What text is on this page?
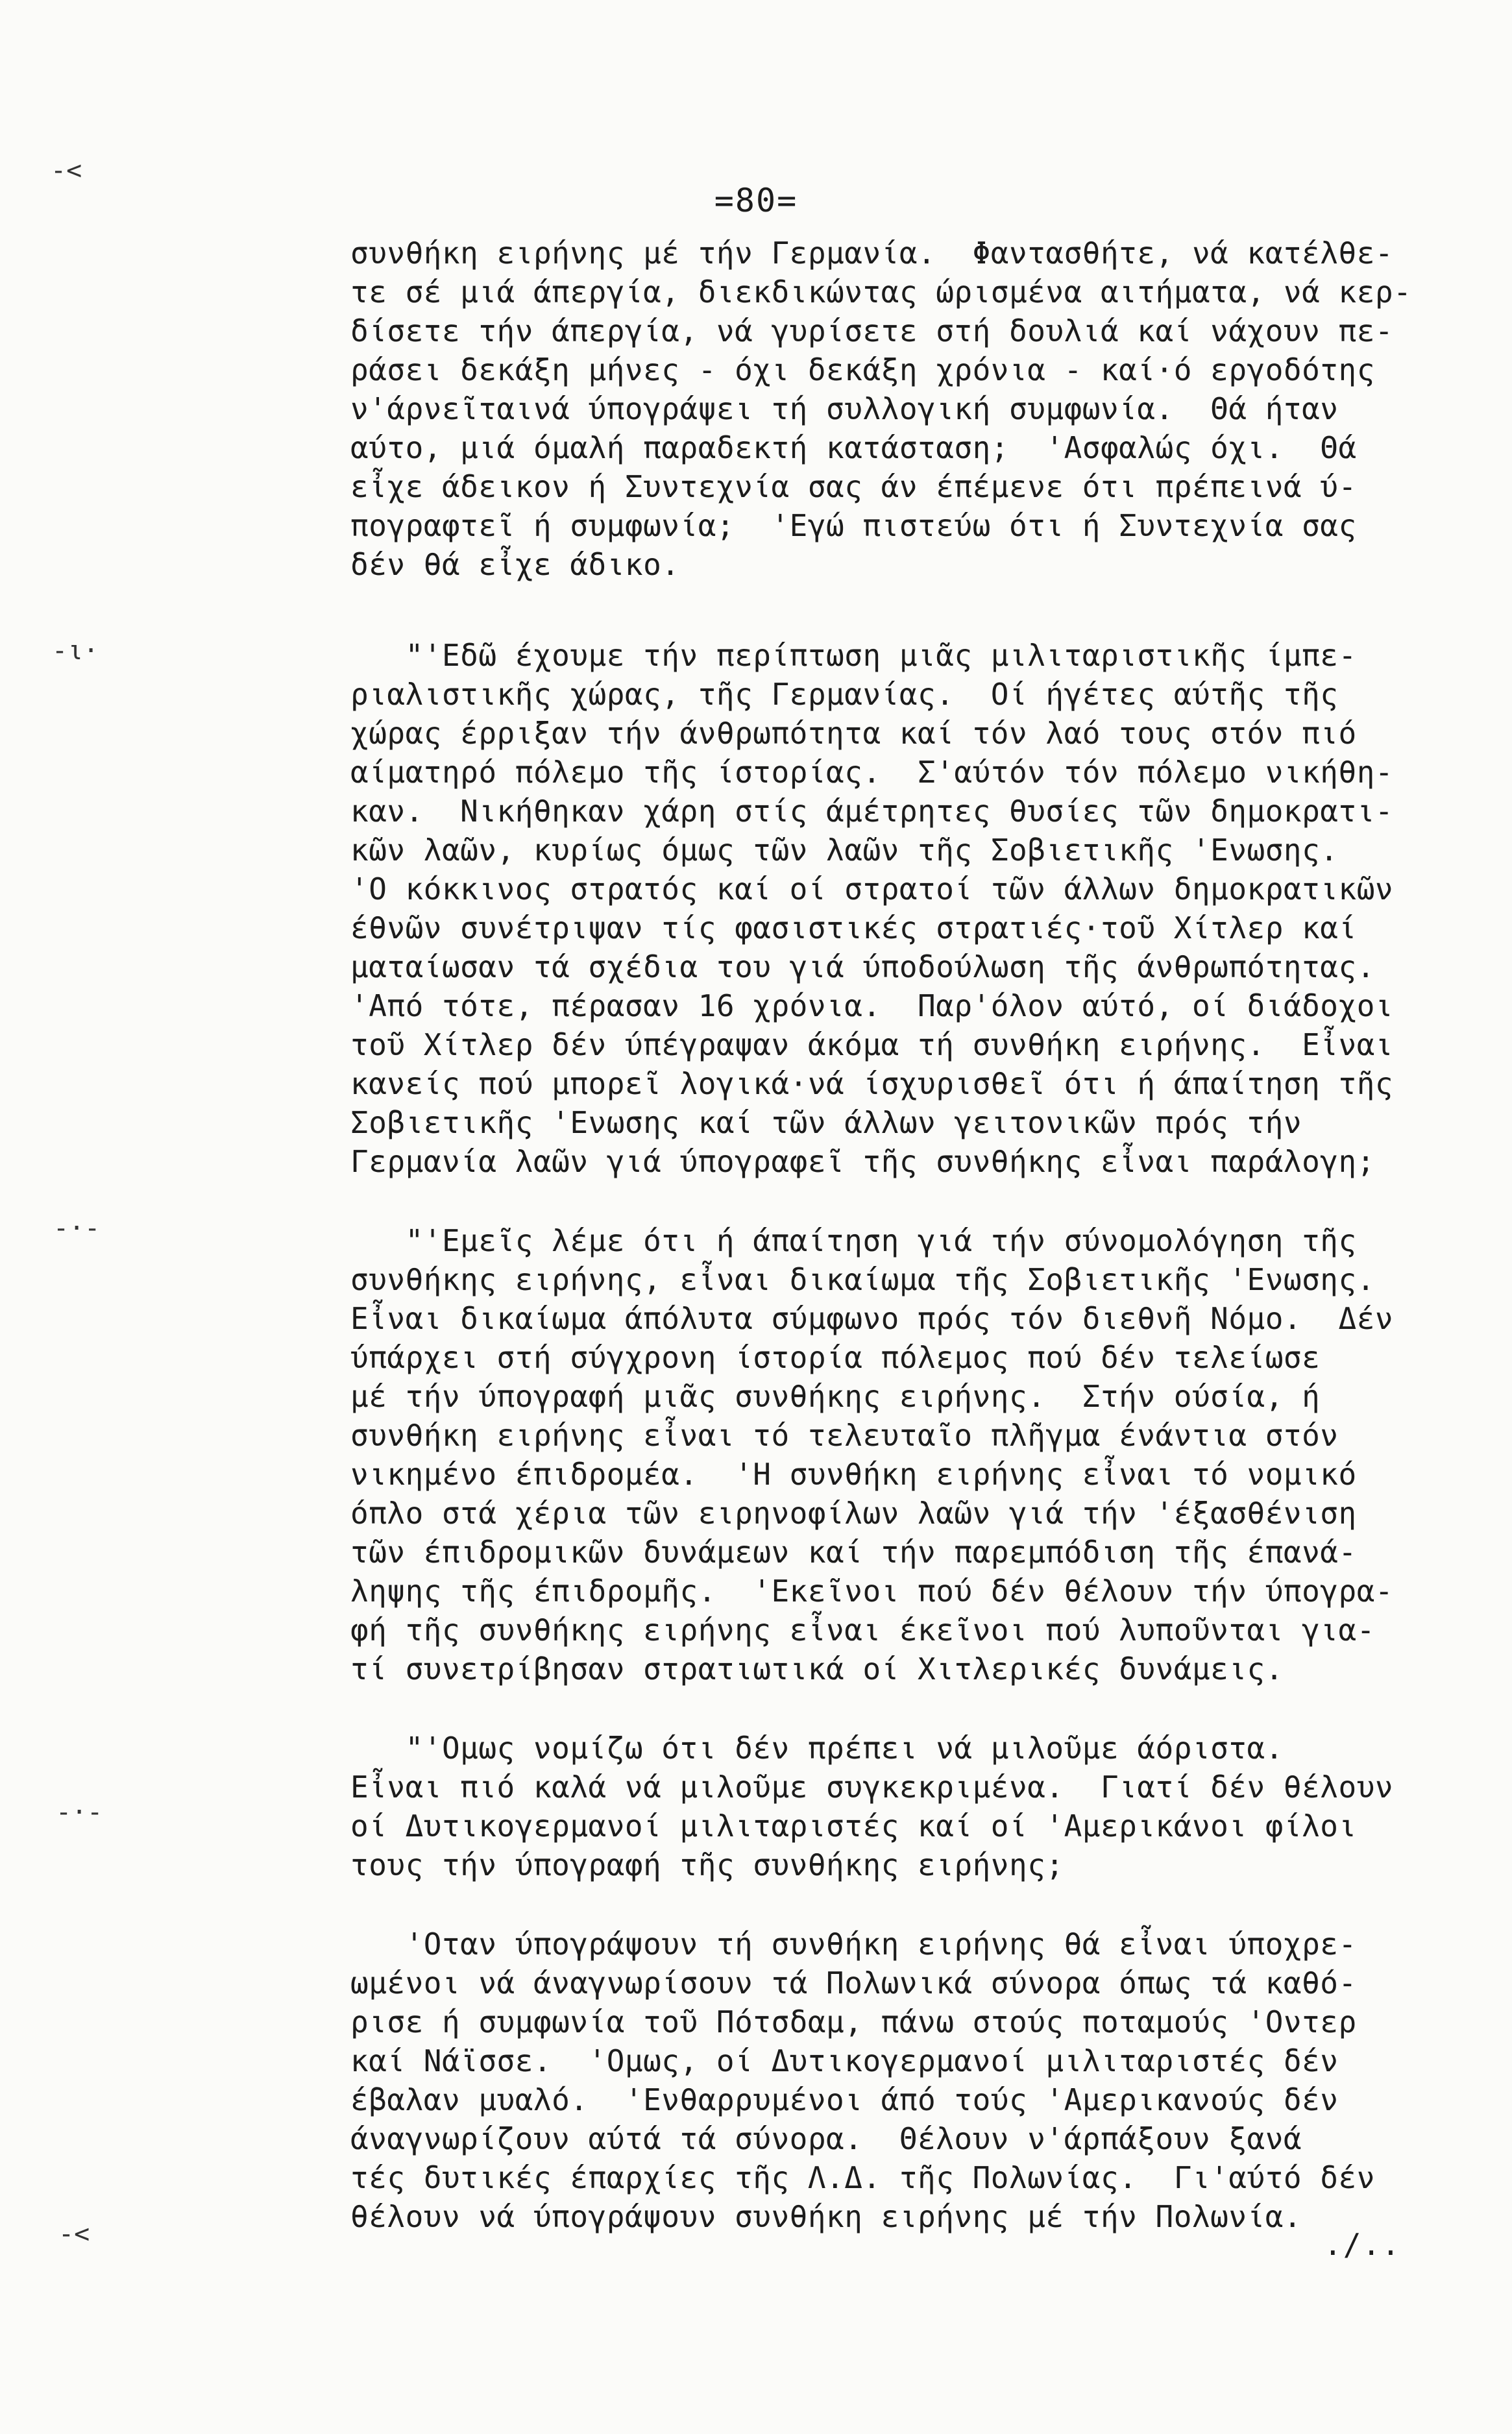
=80=
-<
-ι·
-·-
-·-
-<
συνθήκη ειρήνης μέ τήν Γερμανία.  Φαντασθήτε, νά κατέλθε-
τε σέ μιά άπεργία, διεκδικώντας ώρισμένα αιτήματα, νά κερ-
δίσετε τήν άπεργία, νά γυρίσετε στή δουλιά καί νάχουν πε-
ράσει δεκάξη μήνες - όχι δεκάξη χρόνια - καί·ό εργοδότης
ν'άρνεῖταινά ύπογράψει τή συλλογική συμφωνία.  Θά ήταν
αύτο, μιά όμαλή παραδεκτή κατάσταση;  'Ασφαλώς όχι.  Θά
εἶχε άδεικον ή Συντεχνία σας άν έπέμενε ότι πρέπεινά ύ-
πογραφτεῖ ή συμφωνία;  'Εγώ πιστεύω ότι ή Συντεχνία σας
δέν θά εἶχε άδικο.
"'Εδῶ έχουμε τήν περίπτωση μιᾶς μιλιταριστικῆς ίμπε-
ριαλιστικῆς χώρας, τῆς Γερμανίας.  Οί ήγέτες αύτῆς τῆς
χώρας έρριξαν τήν άνθρωπότητα καί τόν λαό τους στόν πιό
αίματηρό πόλεμο τῆς ίστορίας.  Σ'αύτόν τόν πόλεμο νικήθη-
καν.  Νικήθηκαν χάρη στίς άμέτρητες θυσίες τῶν δημοκρατι-
κῶν λαῶν, κυρίως όμως τῶν λαῶν τῆς Σοβιετικῆς 'Ενωσης.
'Ο κόκκινος στρατός καί οί στρατοί τῶν άλλων δημοκρατικῶν
έθνῶν συνέτριψαν τίς φασιστικές στρατιές·τοῦ Χίτλερ καί
ματαίωσαν τά σχέδια του γιά ύποδούλωση τῆς άνθρωπότητας.
'Από τότε, πέρασαν 16 χρόνια.  Παρ'όλον αύτό, οί διάδοχοι
τοῦ Χίτλερ δέν ύπέγραψαν άκόμα τή συνθήκη ειρήνης.  Εἶναι
κανείς πού μπορεῖ λογικά·νά ίσχυρισθεῖ ότι ή άπαίτηση τῆς
Σοβιετικῆς 'Ενωσης καί τῶν άλλων γειτονικῶν πρός τήν
Γερμανία λαῶν γιά ύπογραφεῖ τῆς συνθήκης εἶναι παράλογη;
"'Εμεῖς λέμε ότι ή άπαίτηση γιά τήν σύνομολόγηση τῆς
συνθήκης ειρήνης, εἶναι δικαίωμα τῆς Σοβιετικῆς 'Ενωσης.
Εἶναι δικαίωμα άπόλυτα σύμφωνο πρός τόν διεθνῆ Νόμο.  Δέν
ύπάρχει στή σύγχρονη ίστορία πόλεμος πού δέν τελείωσε
μέ τήν ύπογραφή μιᾶς συνθήκης ειρήνης.  Στήν ούσία, ή
συνθήκη ειρήνης εἶναι τό τελευταῖο πλῆγμα ένάντια στόν
νικημένο έπιδρομέα.  'Η συνθήκη ειρήνης εἶναι τό νομικό
όπλο στά χέρια τῶν ειρηνοφίλων λαῶν γιά τήν 'έξασθένιση
τῶν έπιδρομικῶν δυνάμεων καί τήν παρεμπόδιση τῆς έπανά-
ληψης τῆς έπιδρομῆς.  'Εκεῖνοι πού δέν θέλουν τήν ύπογρα-
φή τῆς συνθήκης ειρήνης εἶναι έκεῖνοι πού λυποῦνται για-
τί συνετρίβησαν στρατιωτικά οί Χιτλερικές δυνάμεις.
"'Ομως νομίζω ότι δέν πρέπει νά μιλοῦμε άόριστα.
Εἶναι πιό καλά νά μιλοῦμε συγκεκριμένα.  Γιατί δέν θέλουν
οί Δυτικογερμανοί μιλιταριστές καί οί 'Αμερικάνοι φίλοι
τους τήν ύπογραφή τῆς συνθήκης ειρήνης;
'Οταν ύπογράψουν τή συνθήκη ειρήνης θά εἶναι ύποχρε-
ωμένοι νά άναγνωρίσουν τά Πολωνικά σύνορα όπως τά καθό-
ρισε ή συμφωνία τοῦ Πότσδαμ, πάνω στούς ποταμούς 'Οντερ
καί Νάϊσσε.  'Ομως, οί Δυτικογερμανοί μιλιταριστές δέν
έβαλαν μυαλό.  'Ενθαρρυμένοι άπό τούς 'Αμερικανούς δέν
άναγνωρίζουν αύτά τά σύνορα.  Θέλουν ν'άρπάξουν ξανά
τές δυτικές έπαρχίες τῆς Λ.Δ. τῆς Πολωνίας.  Γι'αύτό δέν
θέλουν νά ύπογράψουν συνθήκη ειρήνης μέ τήν Πολωνία.
./..
